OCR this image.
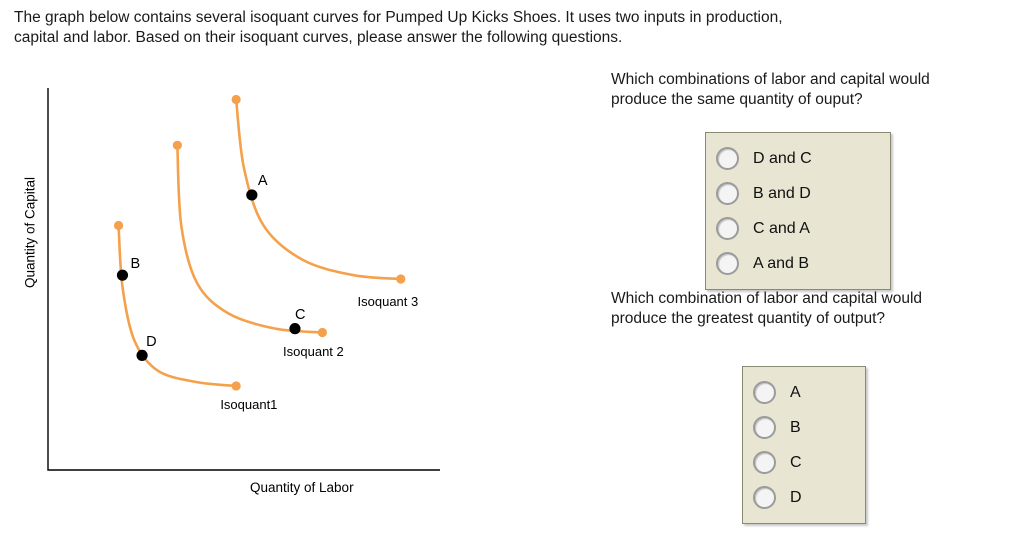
The graph below contains several isoquant curves for Pumped Up Kicks Shoes. It uses two inputs in production, capital and labor. Based on their isoquant curves, please answer the following questions.
Quantity of Capital
Quantity of Labor
Isoquant1
Isoquant 2
Isoquant 3
A
B
C
D
Which combinations of labor and capital would produce the same quantity of ouput?
D and C
B and D
C and A
A and B
Which combination of labor and capital would produce the greatest quantity of output?
A
B
C
D
